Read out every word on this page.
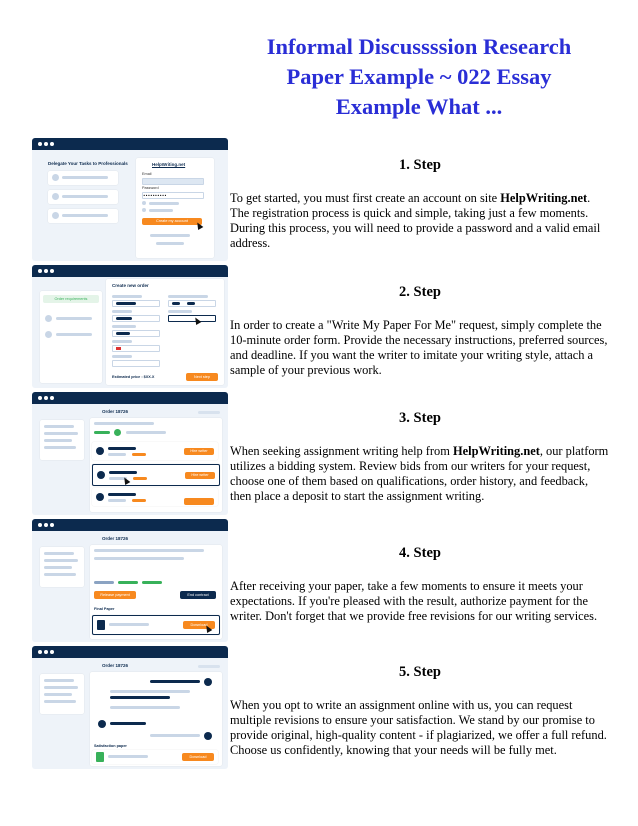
Informal Discussssion Research
Paper Example ~ 022 Essay
Example What ...
Delegate Your Tasks to Professionals	HelpWriting.net
Email
Password
••••••••••
Create my account
Order requirements
Create new order
Estimated price : $XX.X	Next step
Order 18726
Hire writer
Hire writer
Order 18726
Release payment	End contract
Final Paper
Download
Order 18726
Satisfaction paper
Download
1. Step
To get started, you must first create an account on site HelpWriting.net. The registration process is quick and simple, taking just a few moments. During this process, you will need to provide a password and a valid email address.
2. Step
In order to create a "Write My Paper For Me" request, simply complete the 10-minute order form. Provide the necessary instructions, preferred sources, and deadline. If you want the writer to imitate your writing style, attach a sample of your previous work.
3. Step
When seeking assignment writing help from HelpWriting.net, our platform utilizes a bidding system. Review bids from our writers for your request, choose one of them based on qualifications, order history, and feedback, then place a deposit to start the assignment writing.
4. Step
After receiving your paper, take a few moments to ensure it meets your expectations. If you're pleased with the result, authorize payment for the writer. Don't forget that we provide free revisions for our writing services.
5. Step
When you opt to write an assignment online with us, you can request multiple revisions to ensure your satisfaction. We stand by our promise to provide original, high-quality content - if plagiarized, we offer a full refund. Choose us confidently, knowing that your needs will be fully met.
